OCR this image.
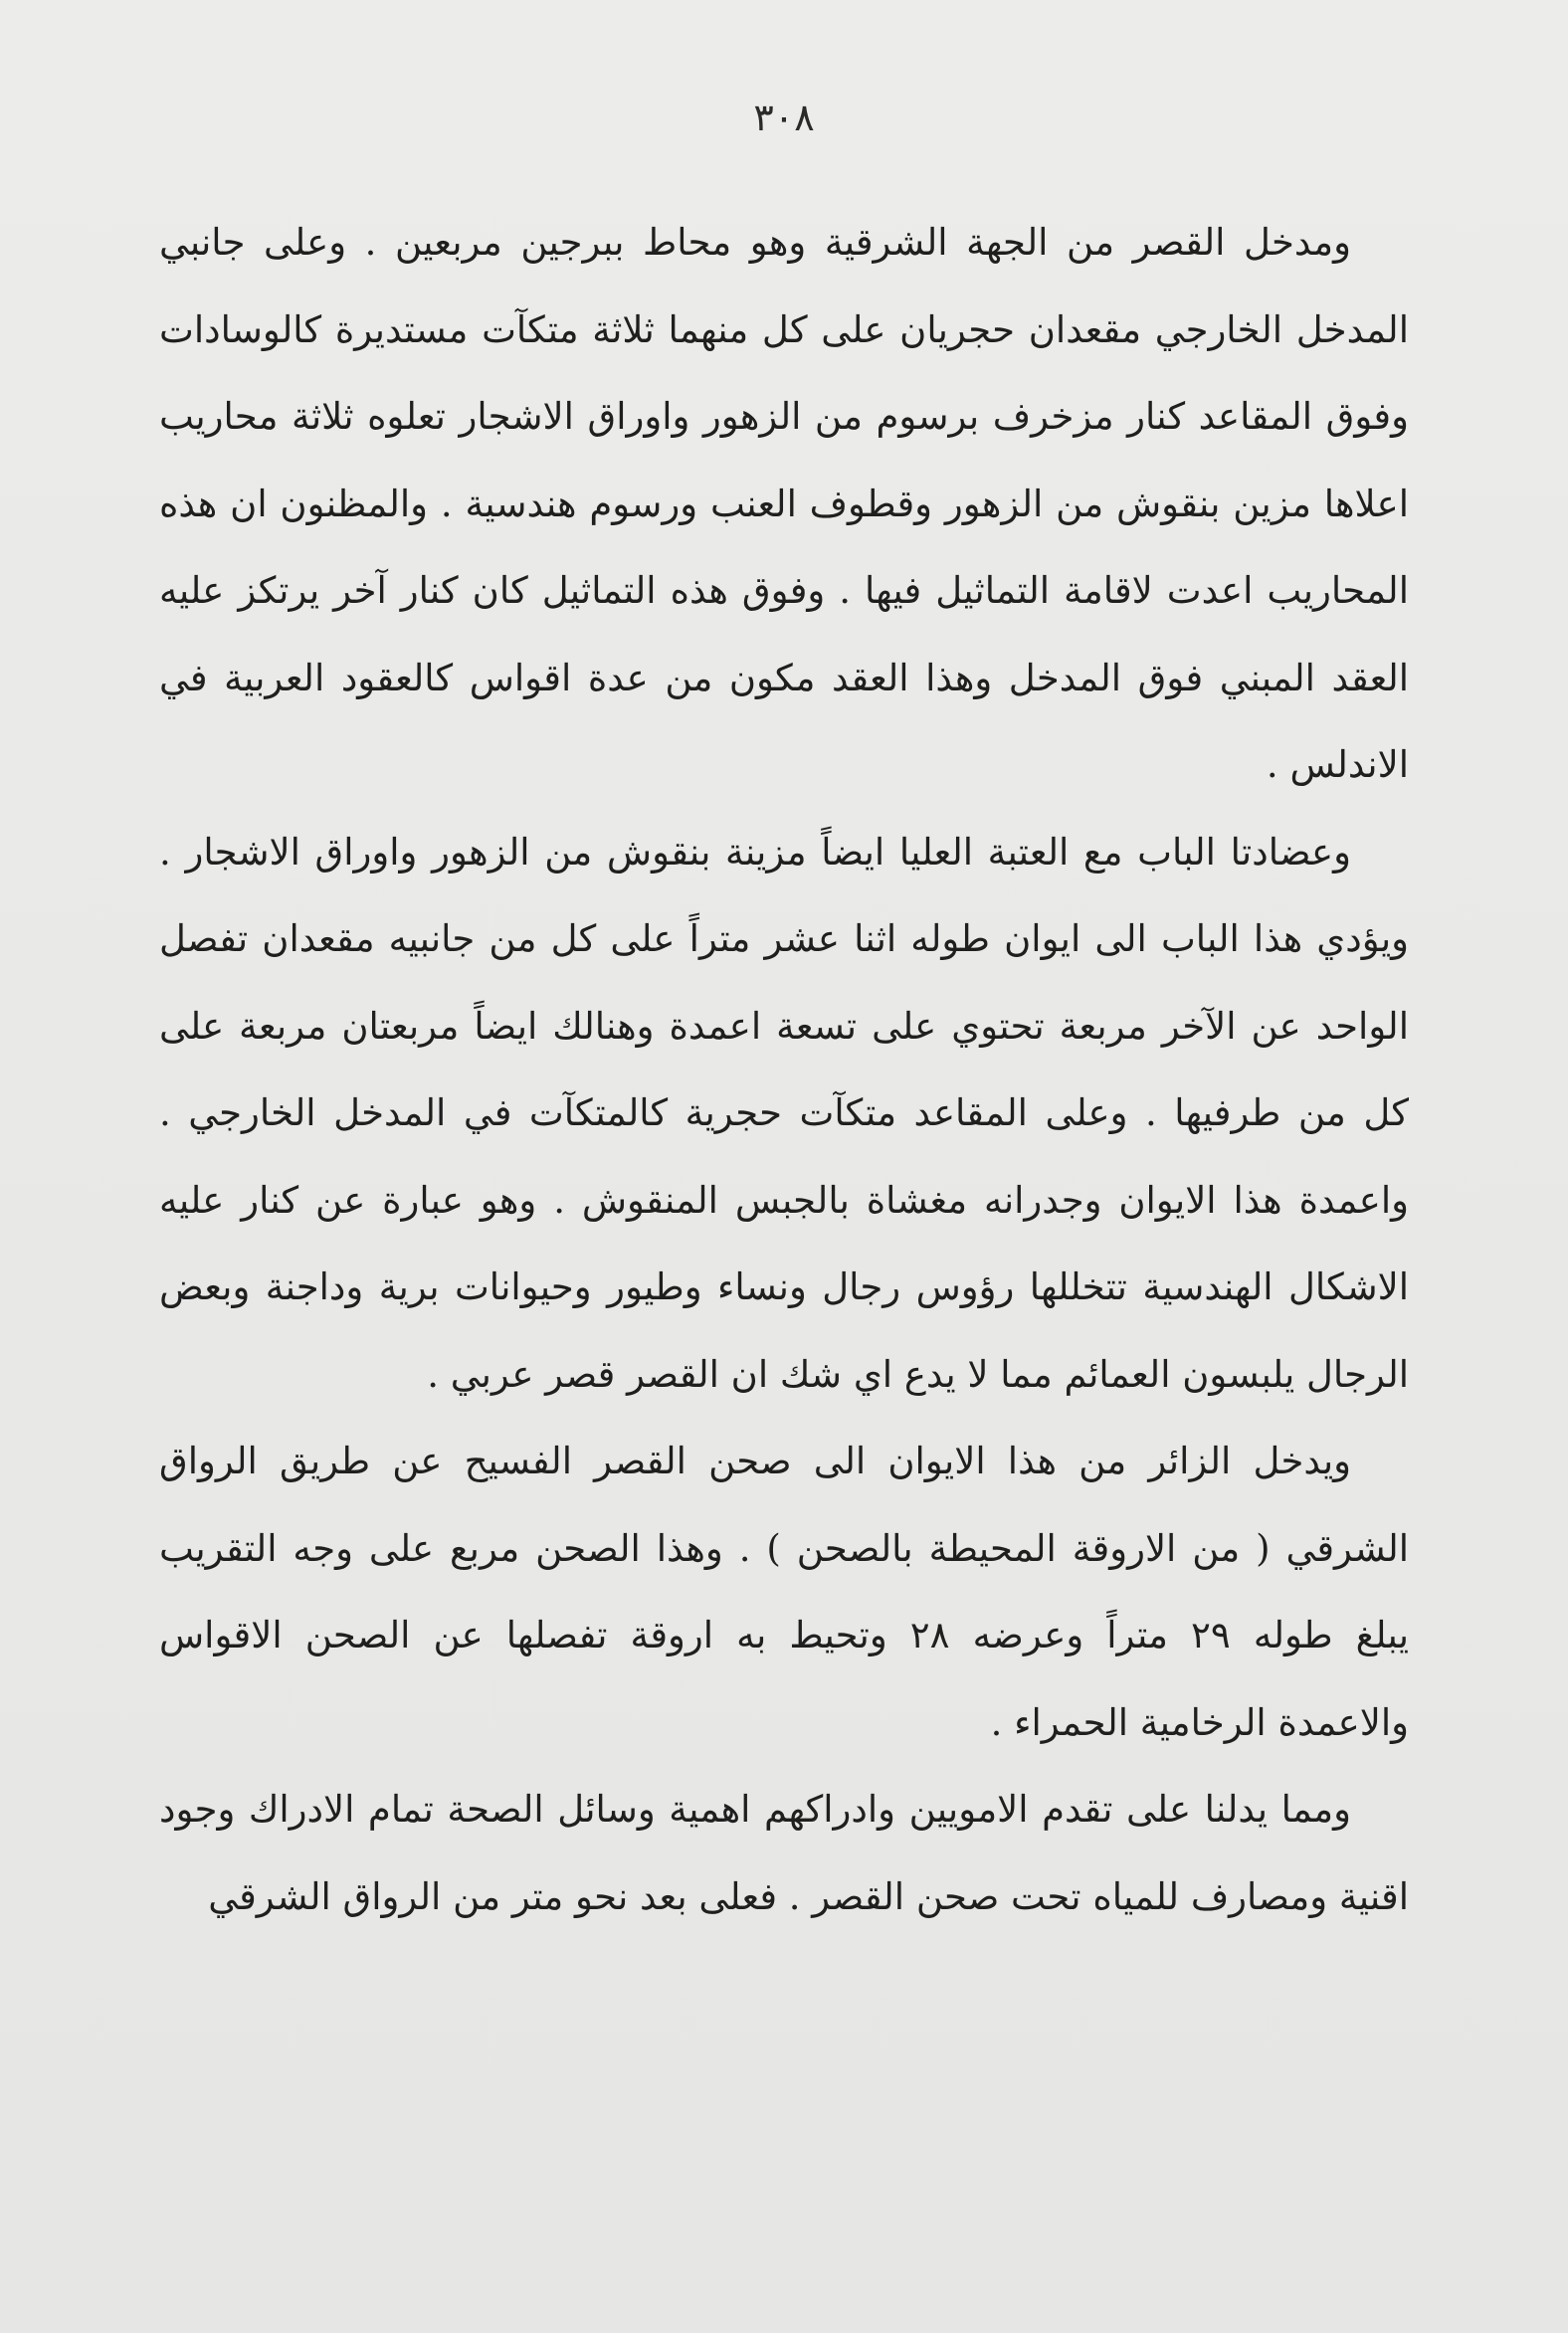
٣٠٨

ومدخل القصر من الجهة الشرقية وهو محاط ببرجين مربعين . وعلى جانبي المدخل الخارجي مقعدان حجريان على كل منهما ثلاثة متكآت مستديرة كالوسادات وفوق المقاعد كنار مزخرف برسوم من الزهور واوراق الاشجار تعلوه ثلاثة محاريب اعلاها مزين بنقوش من الزهور وقطوف العنب ورسوم هندسية . والمظنون ان هذه المحاريب اعدت لاقامة التماثيل فيها . وفوق هذه التماثيل كان كنار آخر يرتكز عليه العقد المبني فوق المدخل وهذا العقد مكون من عدة اقواس كالعقود العربية في الاندلس .

وعضادتا الباب مع العتبة العليا ايضاً مزينة بنقوش من الزهور واوراق الاشجار . ويؤدي هذا الباب الى ايوان طوله اثنا عشر متراً على كل من جانبيه مقعدان تفصل الواحد عن الآخر مربعة تحتوي على تسعة اعمدة وهنالك ايضاً مربعتان مربعة على كل من طرفيها . وعلى المقاعد متكآت حجرية كالمتكآت في المدخل الخارجي . واعمدة هذا الايوان وجدرانه مغشاة بالجبس المنقوش . وهو عبارة عن كنار عليه الاشكال الهندسية تتخللها رؤوس رجال ونساء وطيور وحيوانات برية وداجنة وبعض الرجال يلبسون العمائم مما لا يدع اي شك ان القصر قصر عربي .

ويدخل الزائر من هذا الايوان الى صحن القصر الفسيح عن طريق الرواق الشرقي ( من الاروقة المحيطة بالصحن ) . وهذا الصحن مربع على وجه التقريب يبلغ طوله ٢٩ متراً وعرضه ٢٨ وتحيط به اروقة تفصلها عن الصحن الاقواس والاعمدة الرخامية الحمراء .

ومما يدلنا على تقدم الامويين وادراكهم اهمية وسائل الصحة تمام الادراك وجود اقنية ومصارف للمياه تحت صحن القصر . فعلى بعد نحو متر من الرواق الشرقي
